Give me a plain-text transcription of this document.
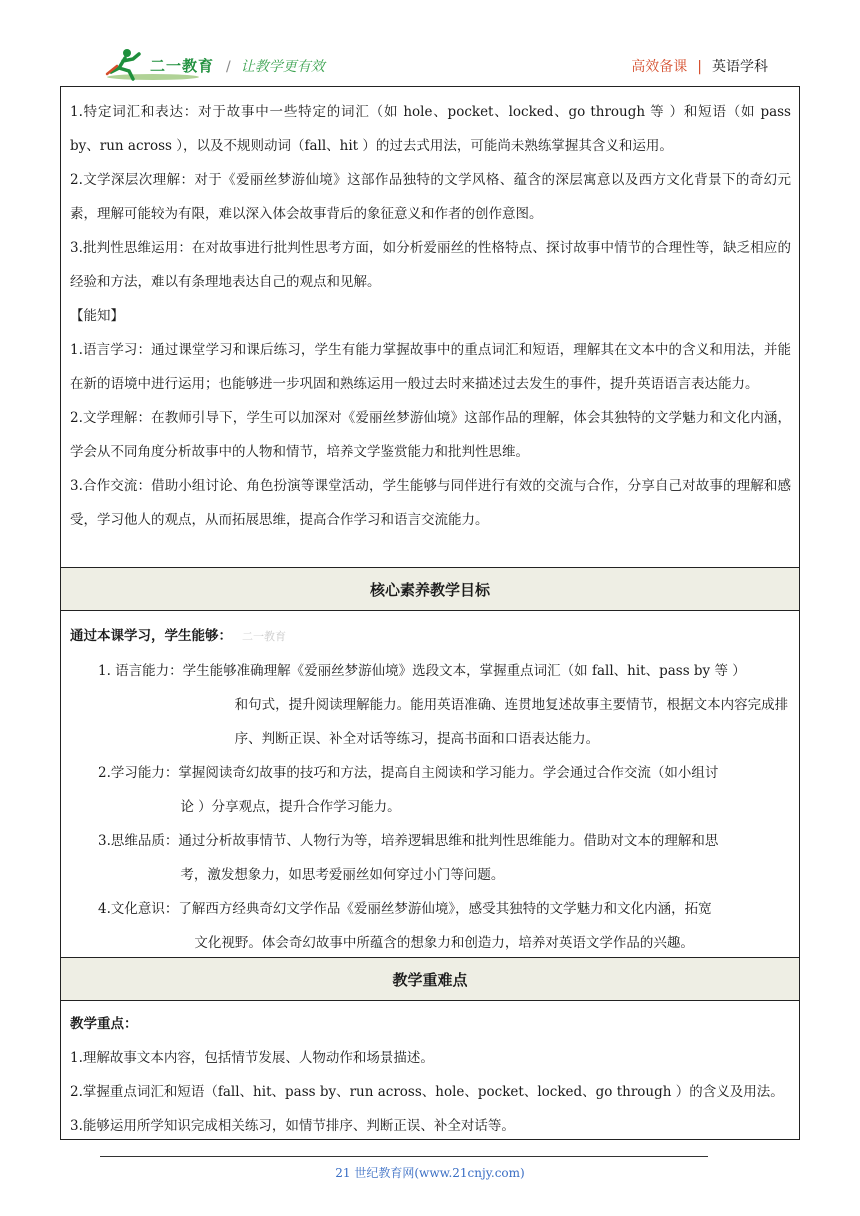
二一教育 / 让教学更有效	高效备课 | 英语学科

1.特定词汇和表达：对于故事中一些特定的词汇（如 hole、pocket、locked、go through 等 ）和短语（如 pass by、run across ），以及不规则动词（fall、hit ）的过去式用法，可能尚未熟练掌握其含义和运用。

2.文学深层次理解：对于《爱丽丝梦游仙境》这部作品独特的文学风格、蕴含的深层寓意以及西方文化背景下的奇幻元素，理解可能较为有限，难以深入体会故事背后的象征意义和作者的创作意图。

3.批判性思维运用：在对故事进行批判性思考方面，如分析爱丽丝的性格特点、探讨故事中情节的合理性等，缺乏相应的经验和方法，难以有条理地表达自己的观点和见解。

【能知】

1.语言学习：通过课堂学习和课后练习，学生有能力掌握故事中的重点词汇和短语，理解其在文本中的含义和用法，并能在新的语境中进行运用；也能够进一步巩固和熟练运用一般过去时来描述过去发生的事件，提升英语语言表达能力。

2.文学理解：在教师引导下，学生可以加深对《爱丽丝梦游仙境》这部作品的理解，体会其独特的文学魅力和文化内涵，学会从不同角度分析故事中的人物和情节，培养文学鉴赏能力和批判性思维。

3.合作交流：借助小组讨论、角色扮演等课堂活动，学生能够与同伴进行有效的交流与合作，分享自己对故事的理解和感受，学习他人的观点，从而拓展思维，提高合作学习和语言交流能力。

核心素养教学目标
通过本课学习，学生能够： 二一教育
1. 语言能力： 学生能够准确理解《爱丽丝梦游仙境》选段文本，掌握重点词汇（如 fall、hit、pass by 等 ）
和句式，提升阅读理解能力。能用英语准确、连贯地复述故事主要情节，根据文本内容完成排序、判断正误、补全对话等练习，提高书面和口语表达能力。
2.学习能力： 掌握阅读奇幻故事的技巧和方法，提高自主阅读和学习能力。学会通过合作交流（如小组讨
论 ）分享观点，提升合作学习能力。
3.思维品质： 通过分析故事情节、人物行为等，培养逻辑思维和批判性思维能力。借助对文本的理解和思
考，激发想象力，如思考爱丽丝如何穿过小门等问题。
4.文化意识： 了解西方经典奇幻文学作品《爱丽丝梦游仙境》，感受其独特的文学魅力和文化内涵，拓宽
文化视野。体会奇幻故事中所蕴含的想象力和创造力，培养对英语文学作品的兴趣。
教学重难点

教学重点：

1.理解故事文本内容，包括情节发展、人物动作和场景描述。

2.掌握重点词汇和短语（fall、hit、pass by、run across、hole、pocket、locked、go through ）的含义及用法。

3.能够运用所学知识完成相关练习，如情节排序、判断正误、补全对话等。

21 世纪教育网(www.21cnjy.com)
